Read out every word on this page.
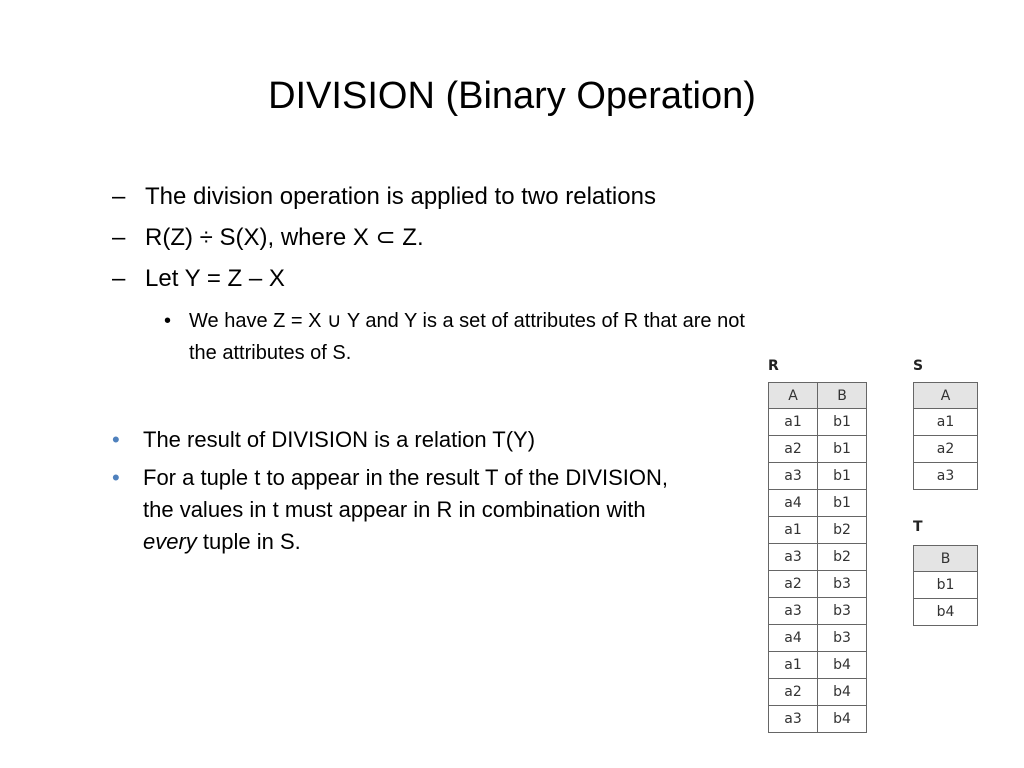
DIVISION (Binary Operation)
– The division operation is applied to two relations
– R(Z) ÷ S(X), where X ⊂ Z.
– Let Y = Z – X
• We have Z = X ∪ Y and Y is a set of attributes of R that are not
the attributes of S.
• The result of DIVISION is a relation T(Y)
• For a tuple t to appear in the result T of the DIVISION, the values in t must appear in R in combination with every tuple in S.
R
A	B
a1	b1
a2	b1
a3	b1
a4	b1
a1	b2
a3	b2
a2	b3
a3	b3
a4	b3
a1	b4
a2	b4
a3	b4
S
A
a1
a2
a3
T
B
b1
b4
